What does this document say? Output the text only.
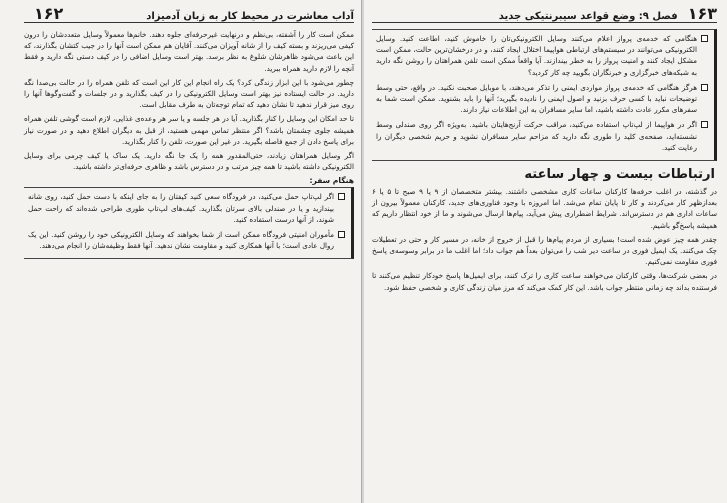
آداب معاشرت در محیط کار به زبان آدمیزاد
۱۶۲

ممکن است کار را آشفته، بی‌نظم و درنهایت غیرحرفه‌ای جلوه دهند. خانم‌ها معمولاً وسایل متعددشان را درون کیفی می‌ریزند و بسته کیف را از شانه آویزان می‌کنند. آقایان هم ممکن است آنها را در جیب کتشان بگذارند، که این باعث می‌شود ظاهرشان شلوغ به نظر برسد. بهتر است وسایل اضافی را در کیف دستی نگه دارید و فقط آنچه را لازم دارید همراه ببرید.

چطور می‌شود با این ابزار زندگی کرد؟ یک راه انجام این کار این است که تلفن همراه را در حالت بی‌صدا نگه دارید. در حالت ایستاده نیز بهتر است وسایل الکترونیکی را در کیف بگذارید و در جلسات و گفت‌وگوها آنها را روی میز قرار ندهید تا نشان دهید که تمام توجه‌تان به طرف مقابل است.

تا حد امکان این وسایل را کنار بگذارید. آیا در هر جلسه و یا سر هر وعده‌ی غذایی، لازم است گوشی تلفن همراه همیشه جلوی چشمتان باشد؟ اگر منتظر تماس مهمی هستید، از قبل به دیگران اطلاع دهید و در صورت نیاز برای پاسخ دادن از جمع فاصله بگیرید. در غیر این صورت، تلفن را کنار بگذارید.

اگر وسایل همراهتان زیادند، حتی‌المقدور همه را یک جا نگه دارید. یک ساک یا کیف چرمی برای وسایل الکترونیکی داشته باشید تا همه چیز مرتب و در دسترس باشد و ظاهری حرفه‌ای‌تر داشته باشید.

هنگام سفر:
اگر لپ‌تاپ حمل می‌کنید، در فرودگاه سعی کنید کیفتان را به جای اینکه با دست حمل کنید، روی شانه بیندازید و یا در صندلی بالای سرتان بگذارید. کیف‌های لپ‌تاپ طوری طراحی شده‌اند که راحت حمل شوند، از آنها درست استفاده کنید.
مأموران امنیتی فرودگاه ممکن است از شما بخواهند که وسایل الکترونیکی خود را روشن کنید. این یک روال عادی است؛ با آنها همکاری کنید و مقاومت نشان ندهید. آنها فقط وظیفه‌شان را انجام می‌دهند.
۱۶۳
فصل ۹: وضع قواعد سیبرنتیکی جدید
هنگامی که خدمه‌ی پرواز اعلام می‌کنند وسایل الکترونیکی‌تان را خاموش کنید، اطاعت کنید. وسایل الکترونیکی می‌توانند در سیستم‌های ارتباطی هواپیما اختلال ایجاد کنند، و در درخشان‌ترین حالت، ممکن است مشکل ایجاد کنند و امنیت پرواز را به خطر بیندازند. آیا واقعاً ممکن است تلفن همراهتان را روشن نگه دارید به شبکه‌های خبرگزاری و خبرنگاران بگویید چه کار کردید؟
هرگز هنگامی که خدمه‌ی پرواز مواردی ایمنی را تذکر می‌دهند، با موبایل صحبت نکنید. در واقع، حتی وسط توضیحات نباید با کسی حرف بزنید و اصول ایمنی را نادیده بگیرید؛ آنها را باید بشنوید. ممکن است شما به سفرهای مکرر عادت داشته باشید، اما سایر مسافران به این اطلاعات نیاز دارند.
اگر در هواپیما از لپ‌تاپ استفاده می‌کنید، مراقب حرکت آرنج‌هایتان باشید. به‌ویژه اگر روی صندلی وسط نشسته‌اید، صفحه‌ی کلید را طوری نگه دارید که مزاحم سایر مسافران نشوید و حریم شخصی دیگران را رعایت کنید.
ارتباطات بیست و چهار ساعته

در گذشته، در اغلب حرفه‌ها کارکنان ساعات کاری مشخصی داشتند. بیشتر متخصصان از ۹ یا ۹ صبح تا ۵ یا ۶ بعدازظهر کار می‌کردند و کار تا پایان تمام می‌شد. اما امروزه با وجود فناوری‌های جدید، کارکنان معمولاً بیرون از ساعات اداری هم در دسترس‌اند. شرایط اضطراری پیش می‌آید، پیام‌ها ارسال می‌شوند و ما از خود انتظار داریم که همیشه پاسخ‌گو باشیم.

چقدر همه چیز عوض شده است! بسیاری از مردم پیام‌ها را قبل از خروج از خانه، در مسیر کار و حتی در تعطیلات چک می‌کنند. یک ایمیل فوری در ساعت دیر شب را می‌توان بعداً هم جواب داد؛ اما اغلب ما در برابر وسوسه‌ی پاسخ فوری مقاومت نمی‌کنیم.

در بعضی شرکت‌ها، وقتی کارکنان می‌خواهند ساعت کاری را ترک کنند، برای ایمیل‌ها پاسخ خودکار تنظیم می‌کنند تا فرستنده بداند چه زمانی منتظر جواب باشد. این کار کمک می‌کند که مرز میان زندگی کاری و شخصی حفظ شود.
